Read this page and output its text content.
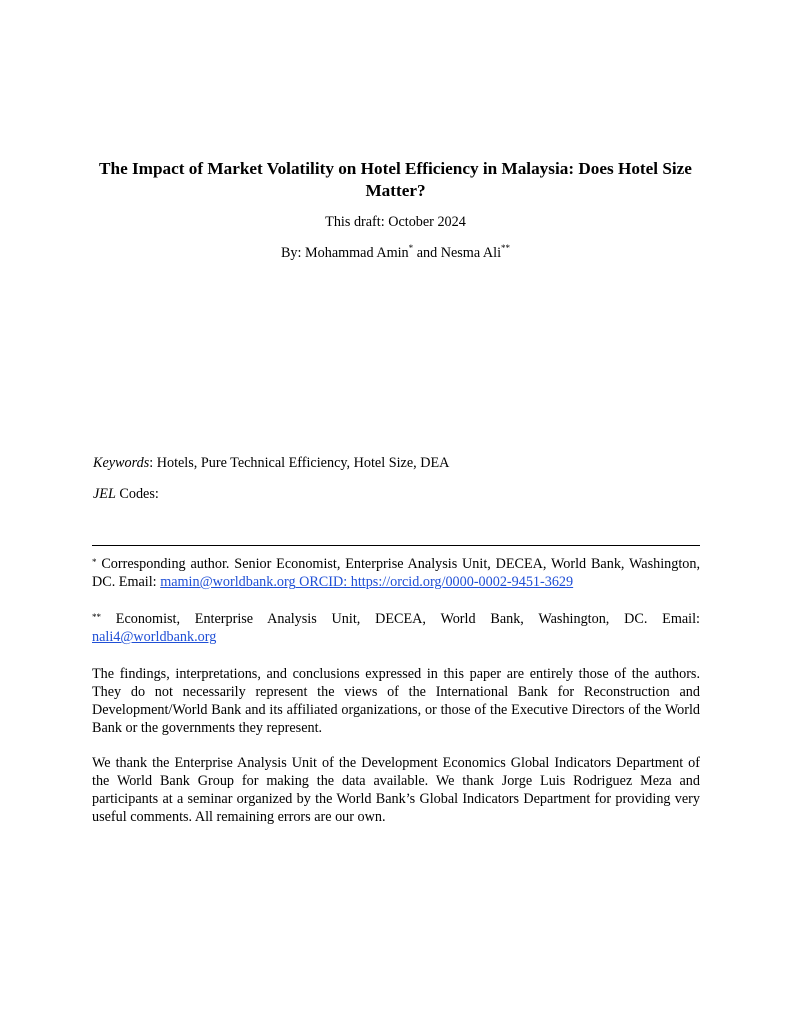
The Impact of Market Volatility on Hotel Efficiency in Malaysia: Does Hotel Size Matter?
This draft: October 2024
By: Mohammad Amin* and Nesma Ali**
Keywords: Hotels, Pure Technical Efficiency, Hotel Size, DEA
JEL Codes:
* Corresponding author. Senior Economist, Enterprise Analysis Unit, DECEA, World Bank, Washington, DC. Email: mamin@worldbank.org ORCID: https://orcid.org/0000-0002-9451-3629
** Economist, Enterprise Analysis Unit, DECEA, World Bank, Washington, DC. Email: nali4@worldbank.org

The findings, interpretations, and conclusions expressed in this paper are entirely those of the authors. They do not necessarily represent the views of the International Bank for Reconstruction and Development/World Bank and its affiliated organizations, or those of the Executive Directors of the World Bank or the governments they represent.

We thank the Enterprise Analysis Unit of the Development Economics Global Indicators Department of the World Bank Group for making the data available. We thank Jorge Luis Rodriguez Meza and participants at a seminar organized by the World Bank’s Global Indicators Department for providing very useful comments. All remaining errors are our own.
